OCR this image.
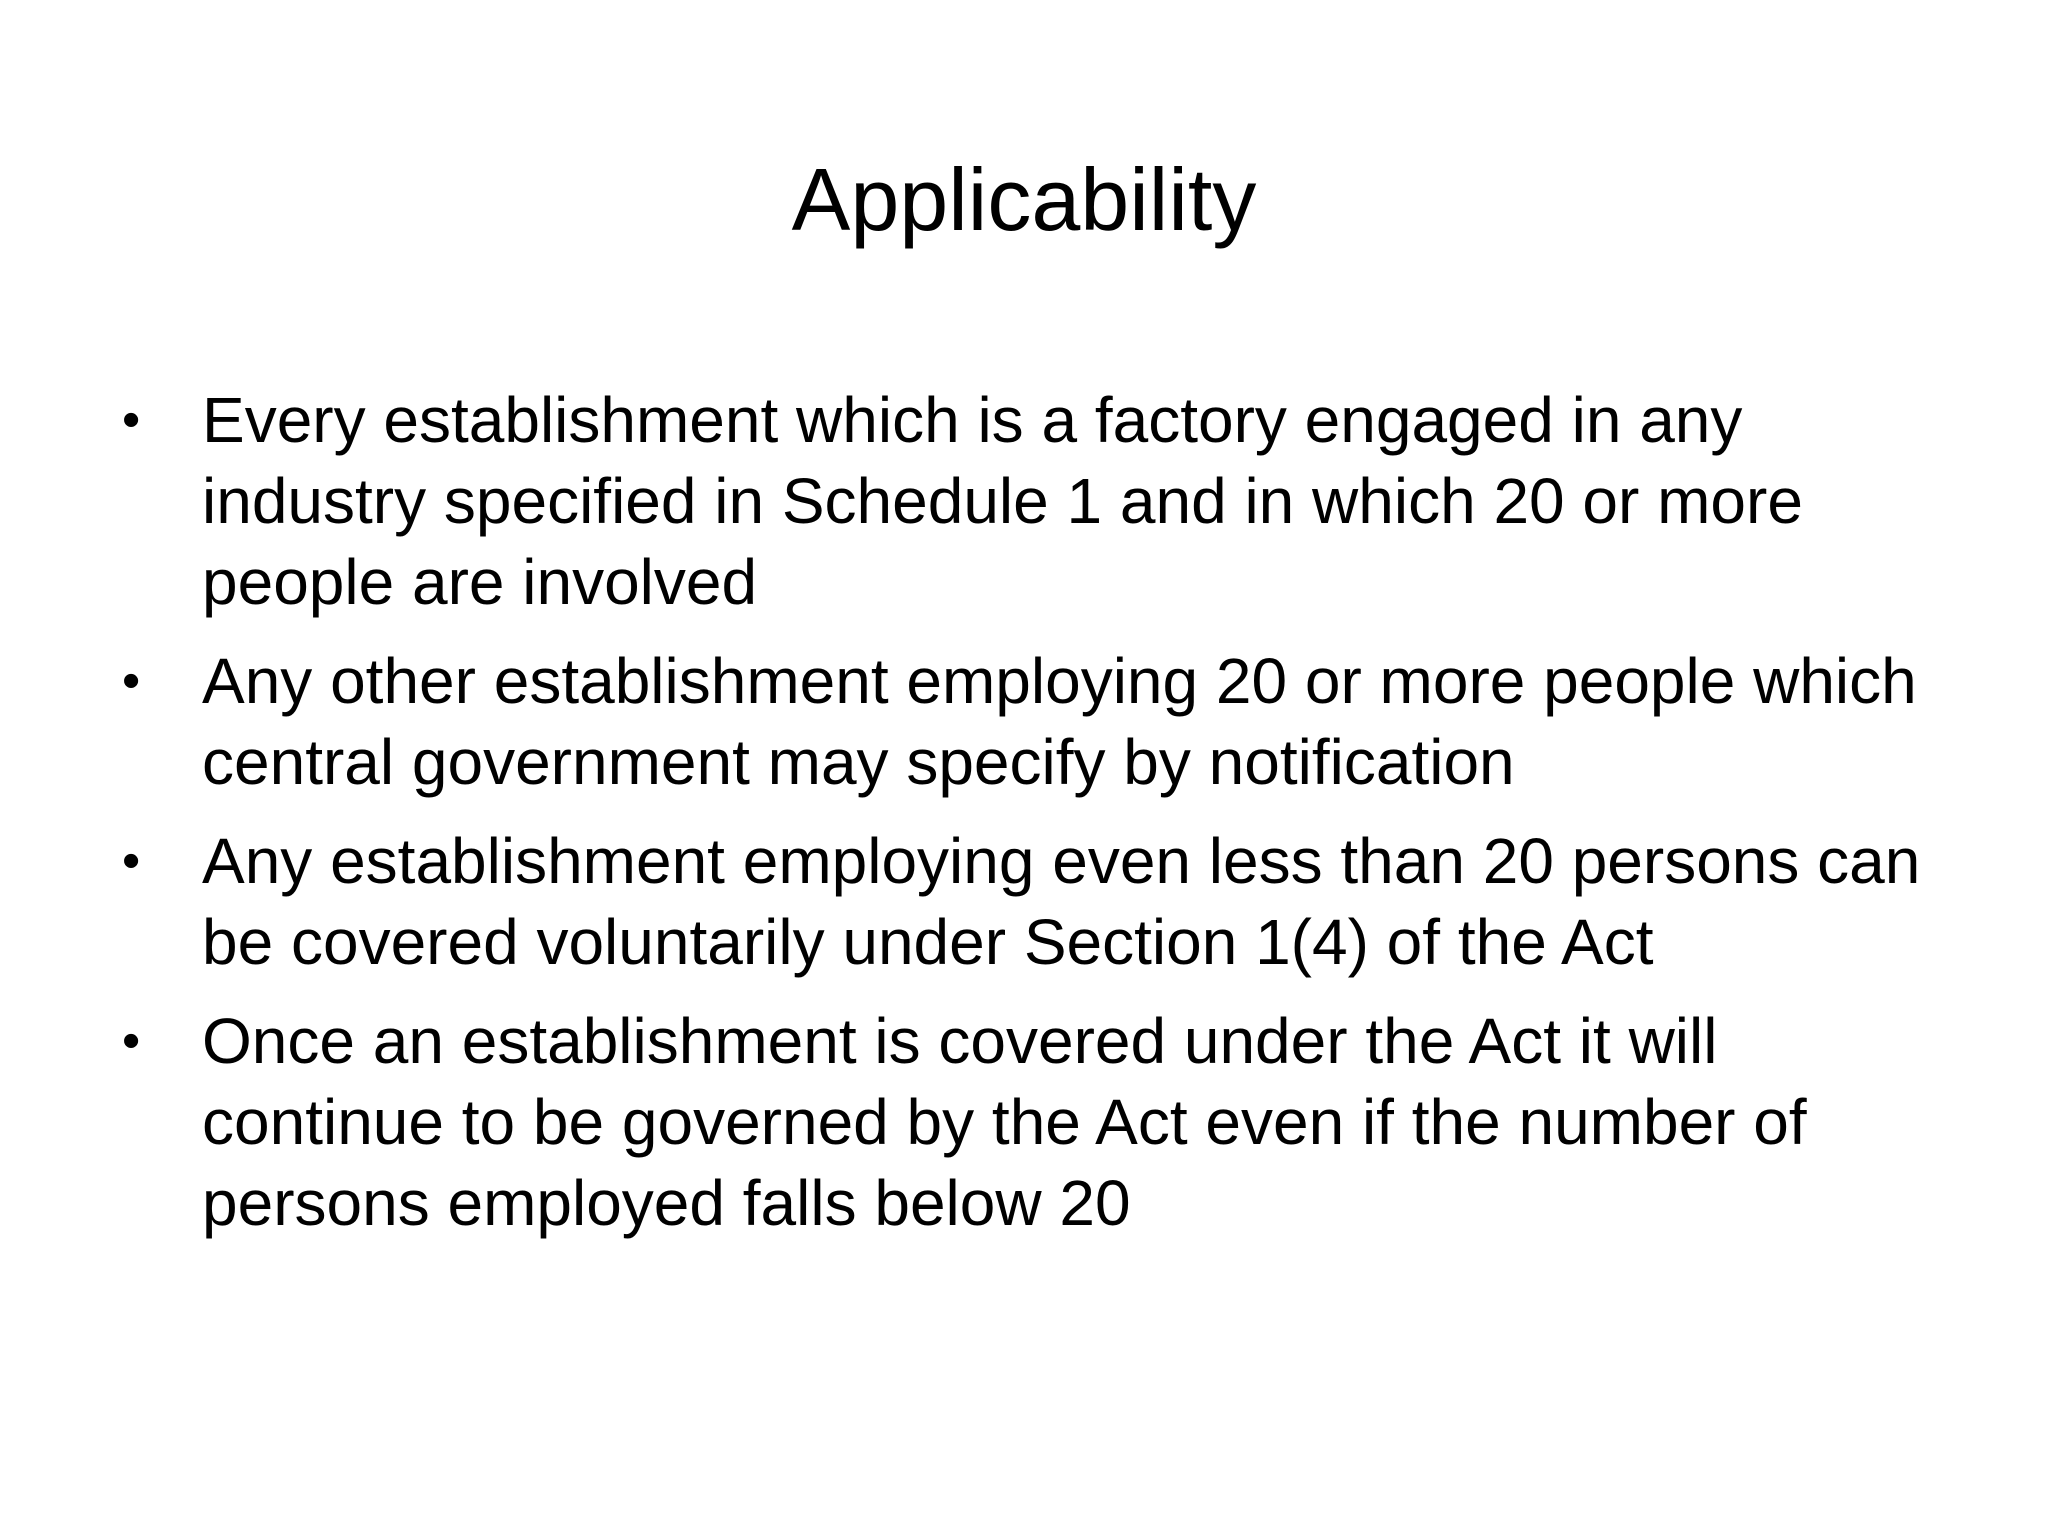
Applicability
• Every establishment which is a factory engaged in any industry specified in Schedule 1 and in which 20 or more people are involved
• Any other establishment employing 20 or more people which central government may specify by notification
• Any establishment employing even less than 20 persons can be covered voluntarily under Section 1(4) of the Act
• Once an establishment is covered under the Act it will continue to be governed by the Act even if the number of persons employed falls below 20
